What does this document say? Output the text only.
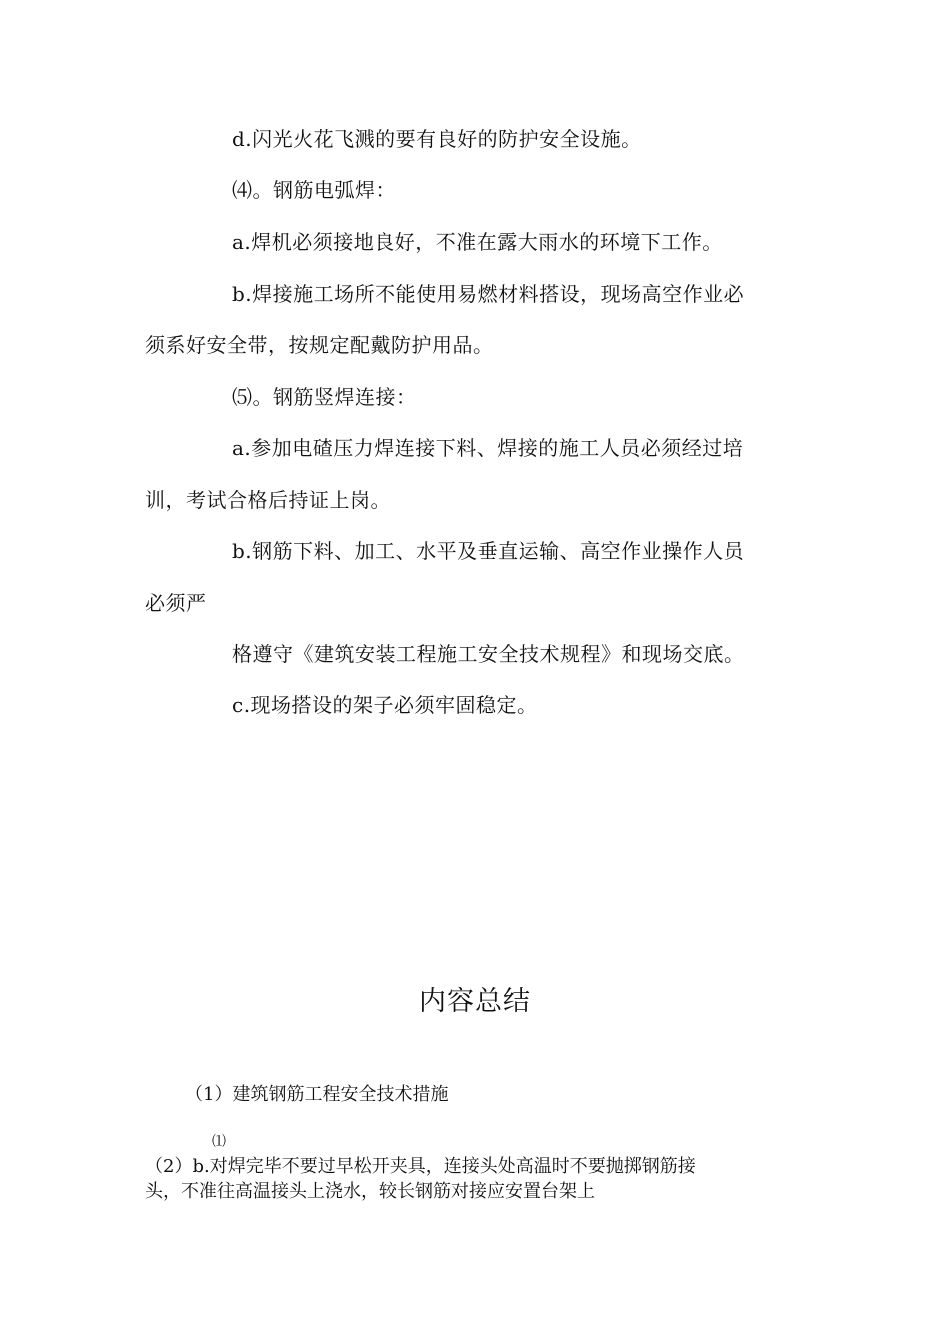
d.闪光火花飞溅的要有良好的防护安全设施。
⑷。钢筋电弧焊：
a.焊机必须接地良好，不准在露大雨水的环境下工作。
b.焊接施工场所不能使用易燃材料搭设，现场高空作业必
须系好安全带，按规定配戴防护用品。
⑸。钢筋竖焊连接：
a.参加电碴压力焊连接下料、焊接的施工人员必须经过培
训，考试合格后持证上岗。
b.钢筋下料、加工、水平及垂直运输、高空作业操作人员
必须严
格遵守《建筑安装工程施工安全技术规程》和现场交底。
c.现场搭设的架子必须牢固稳定。
内容总结
（1）建筑钢筋工程安全技术措施
⑴
（2）b.对焊完毕不要过早松开夹具，连接头处高温时不要抛掷钢筋接
头，不准往高温接头上浇水，较长钢筋对接应安置台架上
